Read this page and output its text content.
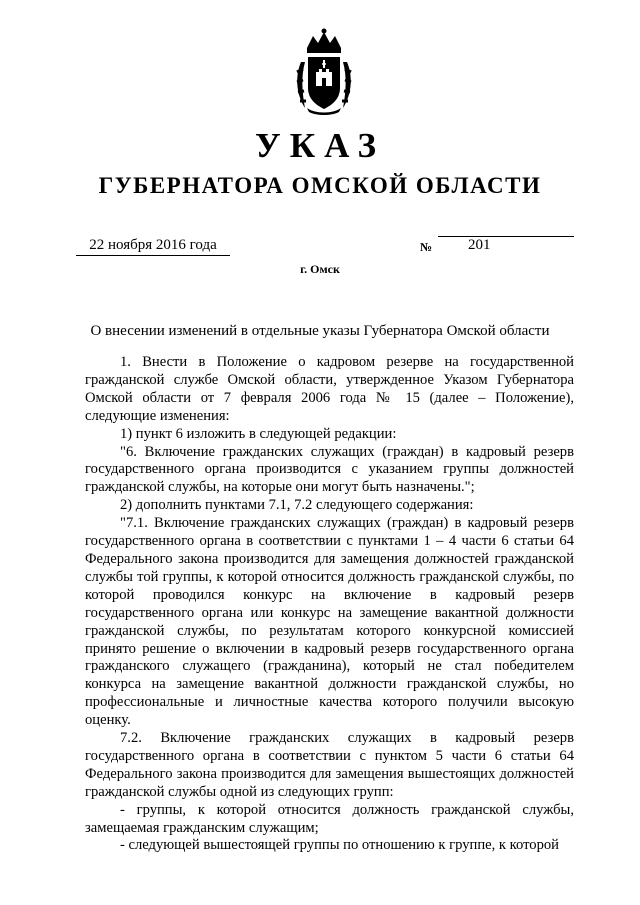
УКАЗ
ГУБЕРНАТОРА ОМСКОЙ ОБЛАСТИ
22 ноября 2016 года	№ 201
г. Омск
О внесении изменений в отдельные указы Губернатора Омской области

1. Внести в Положение о кадровом резерве на государственной гражданской службе Омской области, утвержденное Указом Губернатора Омской области от 7 февраля 2006 года № 15 (далее – Положение), следующие изменения:

1) пункт 6 изложить в следующей редакции:

"6. Включение гражданских служащих (граждан) в кадровый резерв государственного органа производится с указанием группы должностей гражданской службы, на которые они могут быть назначены.";

2) дополнить пунктами 7.1, 7.2 следующего содержания:

"7.1. Включение гражданских служащих (граждан) в кадровый резерв государственного органа в соответствии с пунктами 1 – 4 части 6 статьи 64 Федерального закона производится для замещения должностей гражданской службы той группы, к которой относится должность гражданской службы, по которой проводился конкурс на включение в кадровый резерв государственного органа или конкурс на замещение вакантной должности гражданской службы, по результатам которого конкурсной комиссией принято решение о включении в кадровый резерв государственного органа гражданского служащего (гражданина), который не стал победителем конкурса на замещение вакантной должности гражданской службы, но профессиональные и личностные качества которого получили высокую оценку.

7.2. Включение гражданских служащих в кадровый резерв государственного органа в соответствии с пунктом 5 части 6 статьи 64 Федерального закона производится для замещения вышестоящих должностей гражданской службы одной из следующих групп:

- группы, к которой относится должность гражданской службы, замещаемая гражданским служащим;

- следующей вышестоящей группы по отношению к группе, к которой
